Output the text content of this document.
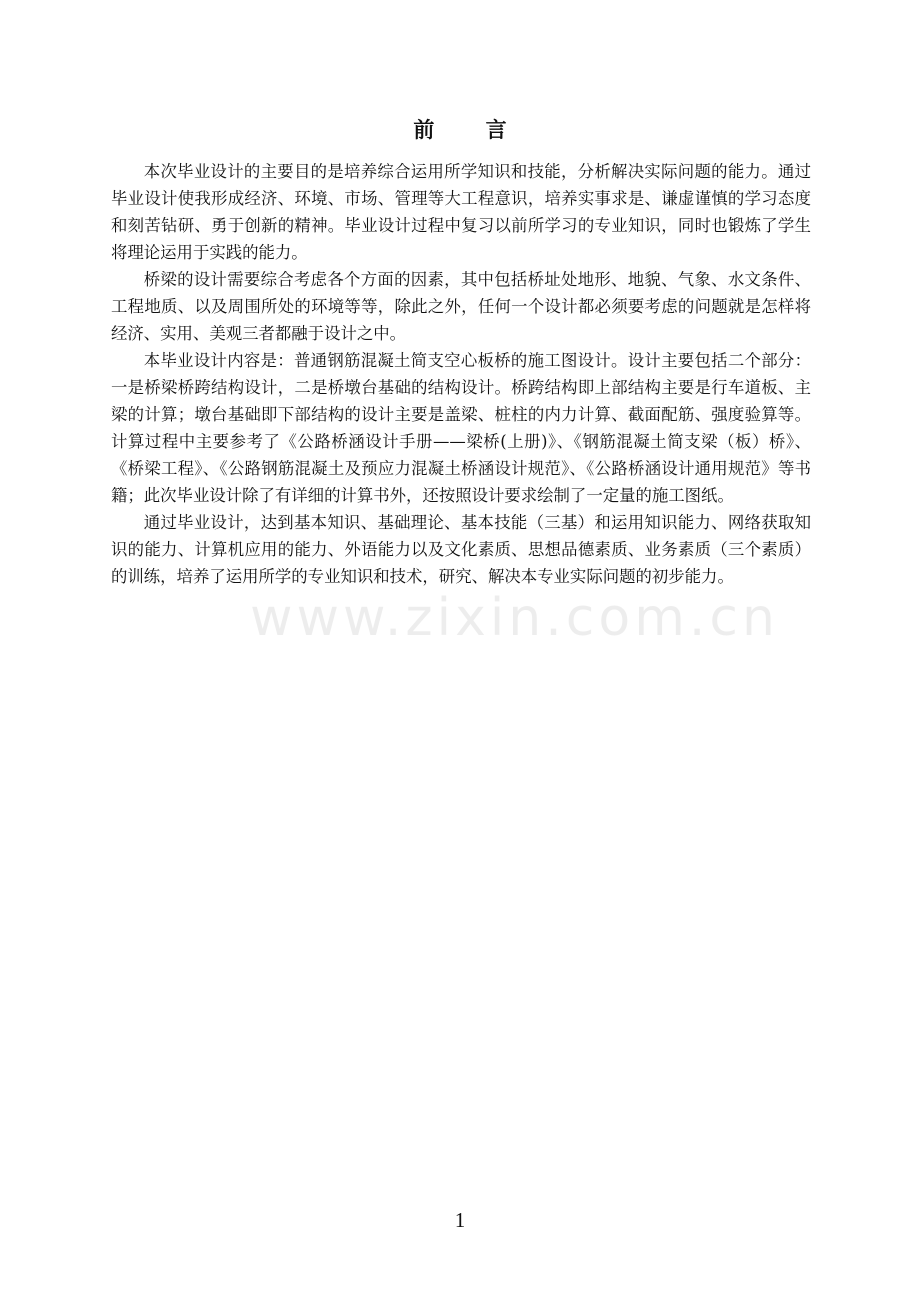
前 言

本次毕业设计的主要目的是培养综合运用所学知识和技能，分析解决实际问题的能力。通过毕业设计使我形成经济、环境、市场、管理等大工程意识，培养实事求是、谦虚谨慎的学习态度和刻苦钻研、勇于创新的精神。毕业设计过程中复习以前所学习的专业知识，同时也锻炼了学生将理论运用于实践的能力。

桥梁的设计需要综合考虑各个方面的因素，其中包括桥址处地形、地貌、气象、水文条件、工程地质、以及周围所处的环境等等，除此之外，任何一个设计都必须要考虑的问题就是怎样将经济、实用、美观三者都融于设计之中。

本毕业设计内容是：普通钢筋混凝土简支空心板桥的施工图设计。设计主要包括二个部分：一是桥梁桥跨结构设计，二是桥墩台基础的结构设计。桥跨结构即上部结构主要是行车道板、主梁的计算；墩台基础即下部结构的设计主要是盖梁、桩柱的内力计算、截面配筋、强度验算等。计算过程中主要参考了《公路桥涵设计手册——梁桥(上册)》、《钢筋混凝土简支梁（板）桥》、《桥梁工程》、《公路钢筋混凝土及预应力混凝土桥涵设计规范》、《公路桥涵设计通用规范》等书籍；此次毕业设计除了有详细的计算书外，还按照设计要求绘制了一定量的施工图纸。

通过毕业设计，达到基本知识、基础理论、基本技能（三基）和运用知识能力、网络获取知识的能力、计算机应用的能力、外语能力以及文化素质、思想品德素质、业务素质（三个素质）的训练，培养了运用所学的专业知识和技术，研究、解决本专业实际问题的初步能力。

www.zixin.com.cn
1
